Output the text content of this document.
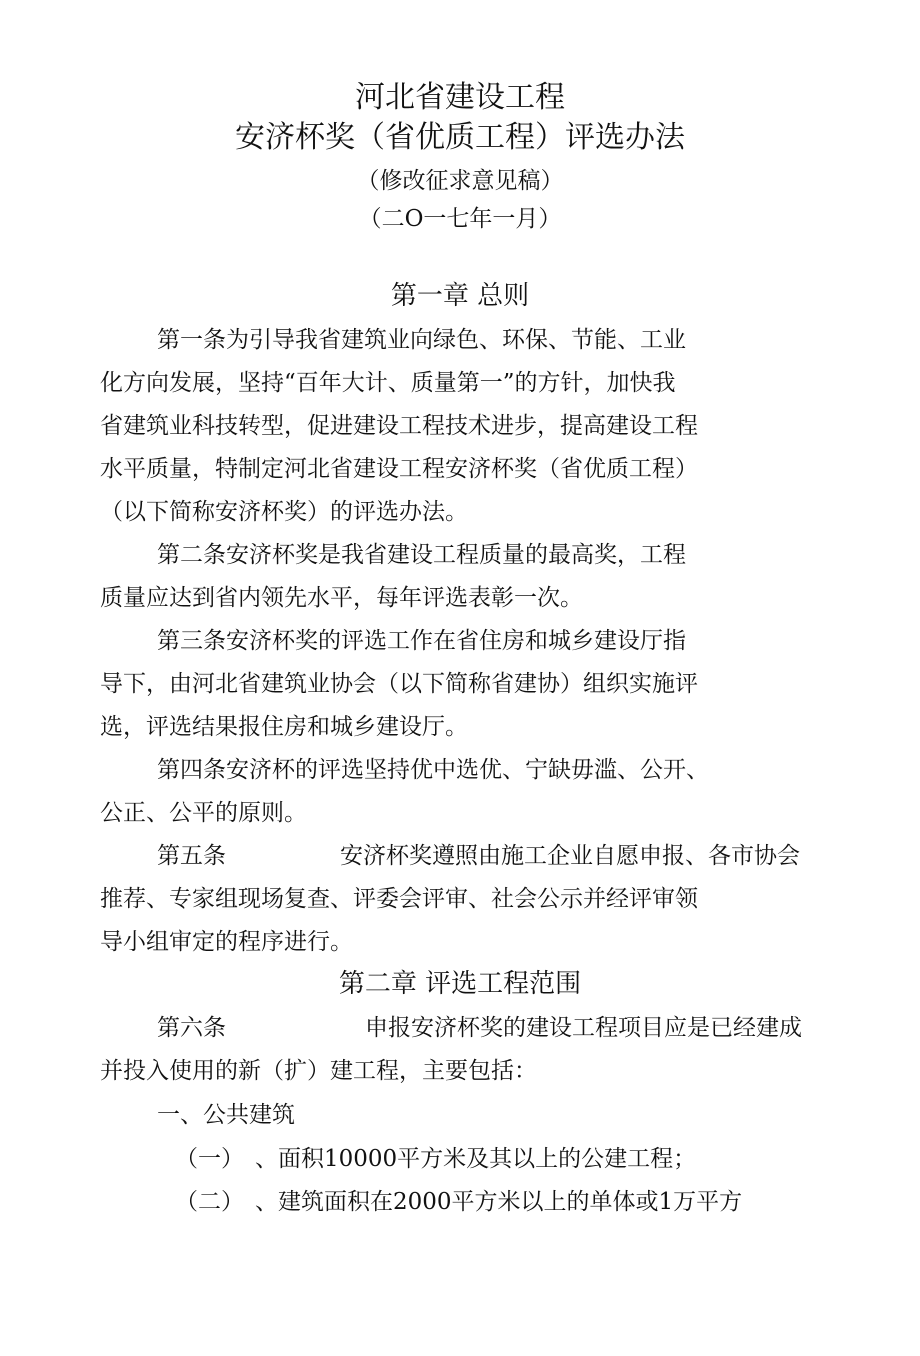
河北省建设工程
安济杯奖（省优质工程）评选办法
（修改征求意见稿）
（二O一七年一月）
第一章 总则
第一条为引导我省建筑业向绿色、环保、节能、工业
化方向发展，坚持“百年大计、质量第一”的方针，加快我
省建筑业科技转型，促进建设工程技术进步，提高建设工程
水平质量，特制定河北省建设工程安济杯奖（省优质工程）
（以下简称安济杯奖）的评选办法。
第二条安济杯奖是我省建设工程质量的最高奖，工程
质量应达到省内领先水平，每年评选表彰一次。
第三条安济杯奖的评选工作在省住房和城乡建设厅指
导下，由河北省建筑业协会（以下简称省建协）组织实施评
选，评选结果报住房和城乡建设厅。
第四条安济杯的评选坚持优中选优、宁缺毋滥、公开、
公正、公平的原则。
第五条	安济杯奖遵照由施工企业自愿申报、各市协会
推荐、专家组现场复查、评委会评审、社会公示并经评审领
导小组审定的程序进行。
第二章 评选工程范围
第六条	申报安济杯奖的建设工程项目应是已经建成
并投入使用的新（扩）建工程，主要包括：
一、公共建筑
（一） 、面积10000平方米及其以上的公建工程；
（二） 、建筑面积在2000平方米以上的单体或1万平方
